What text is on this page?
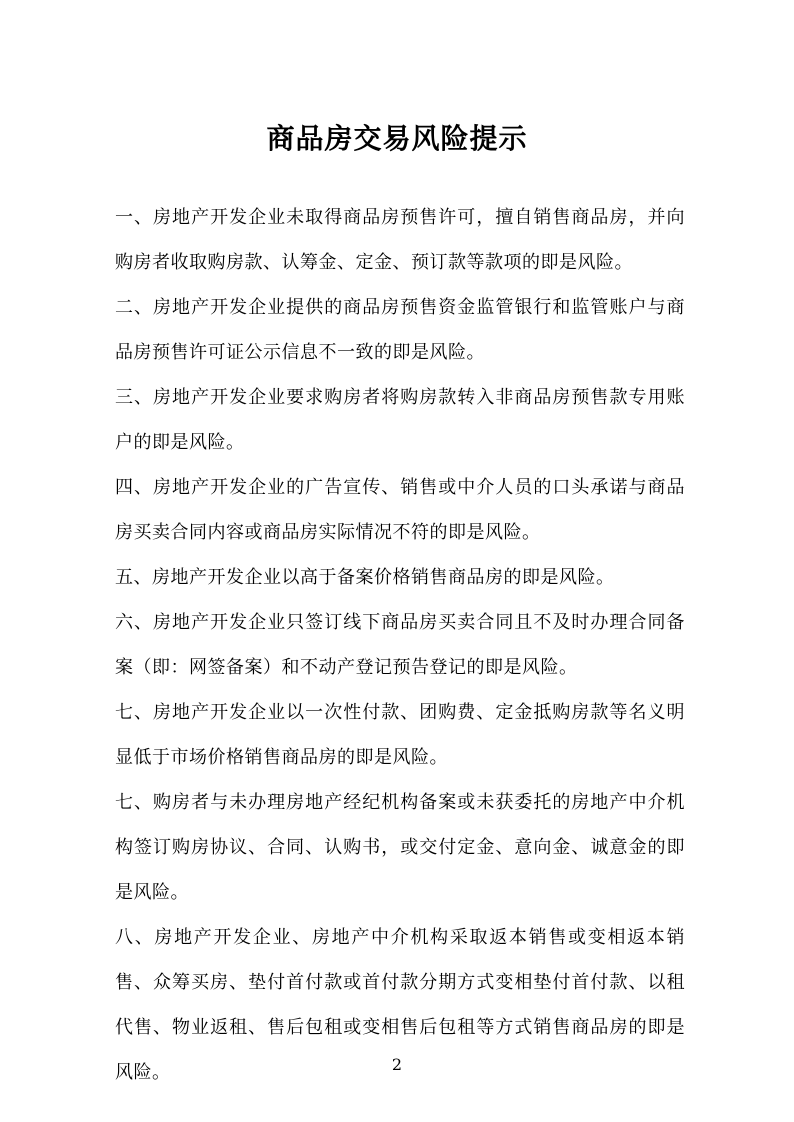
商品房交易风险提示

一、房地产开发企业未取得商品房预售许可，擅自销售商品房，并向购房者收取购房款、认筹金、定金、预订款等款项的即是风险。

二、房地产开发企业提供的商品房预售资金监管银行和监管账户与商品房预售许可证公示信息不一致的即是风险。

三、房地产开发企业要求购房者将购房款转入非商品房预售款专用账户的即是风险。

四、房地产开发企业的广告宣传、销售或中介人员的口头承诺与商品房买卖合同内容或商品房实际情况不符的即是风险。

五、房地产开发企业以高于备案价格销售商品房的即是风险。

六、房地产开发企业只签订线下商品房买卖合同且不及时办理合同备案（即：网签备案）和不动产登记预告登记的即是风险。

七、房地产开发企业以一次性付款、团购费、定金抵购房款等名义明显低于市场价格销售商品房的即是风险。

七、购房者与未办理房地产经纪机构备案或未获委托的房地产中介机构签订购房协议、合同、认购书，或交付定金、意向金、诚意金的即是风险。

八、房地产开发企业、房地产中介机构采取返本销售或变相返本销售、众筹买房、垫付首付款或首付款分期方式变相垫付首付款、以租代售、物业返租、售后包租或变相售后包租等方式销售商品房的即是风险。	2
